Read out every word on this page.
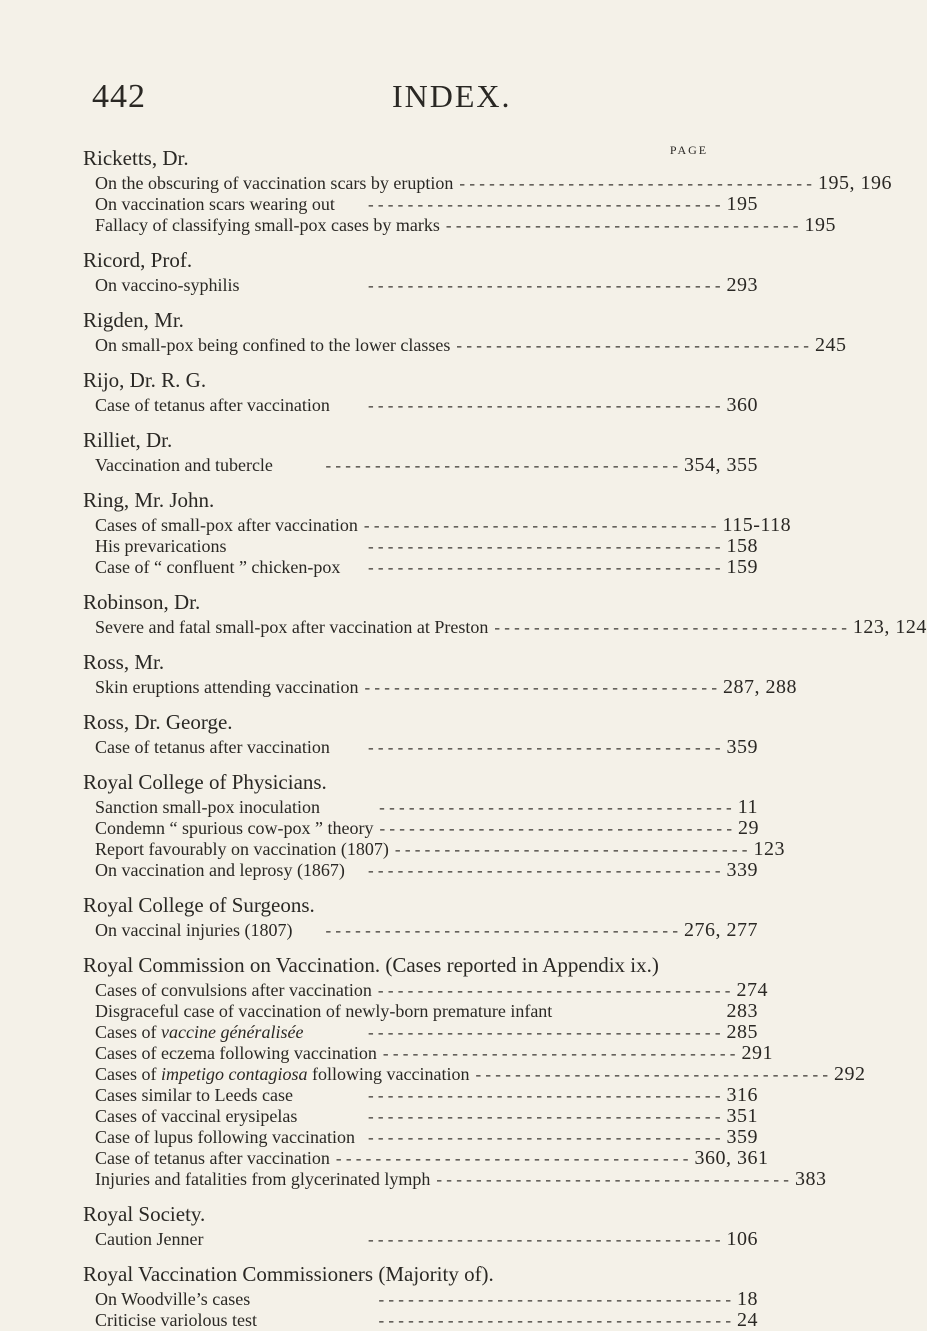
442	INDEX.
PAGE
Ricketts, Dr.
On the obscuring of vaccination scars by eruption - - - - - - - - - - - - - - - - - - - - - - - - - - - - - - - - - - - - 195, 196
On vaccination scars wearing out	- - - - - - - - - - - - - - - - - - - - - - - - - - - - - - - - - - - - 195
Fallacy of classifying small-pox cases by marks - - - - - - - - - - - - - - - - - - - - - - - - - - - - - - - - - - - - 195
Ricord, Prof.
On vaccino-syphilis	- - - - - - - - - - - - - - - - - - - - - - - - - - - - - - - - - - - - 293
Rigden, Mr.
On small-pox being confined to the lower classes - - - - - - - - - - - - - - - - - - - - - - - - - - - - - - - - - - - - 245
Rijo, Dr. R. G.
Case of tetanus after vaccination	- - - - - - - - - - - - - - - - - - - - - - - - - - - - - - - - - - - - 360
Rilliet, Dr.
Vaccination and tubercle	- - - - - - - - - - - - - - - - - - - - - - - - - - - - - - - - - - - - 354, 355
Ring, Mr. John.
Cases of small-pox after vaccination - - - - - - - - - - - - - - - - - - - - - - - - - - - - - - - - - - - - 115-118
His prevarications	- - - - - - - - - - - - - - - - - - - - - - - - - - - - - - - - - - - - 158
Case of “ confluent ” chicken-pox	- - - - - - - - - - - - - - - - - - - - - - - - - - - - - - - - - - - - 159
Robinson, Dr.
Severe and fatal small-pox after vaccination at Preston - - - - - - - - - - - - - - - - - - - - - - - - - - - - - - - - - - - - 123, 124
Ross, Mr.
Skin eruptions attending vaccination - - - - - - - - - - - - - - - - - - - - - - - - - - - - - - - - - - - - 287, 288
Ross, Dr. George.
Case of tetanus after vaccination	- - - - - - - - - - - - - - - - - - - - - - - - - - - - - - - - - - - - 359
Royal College of Physicians.
Sanction small-pox inoculation	- - - - - - - - - - - - - - - - - - - - - - - - - - - - - - - - - - - - 11
Condemn “ spurious cow-pox ” theory - - - - - - - - - - - - - - - - - - - - - - - - - - - - - - - - - - - - 29
Report favourably on vaccination (1807) - - - - - - - - - - - - - - - - - - - - - - - - - - - - - - - - - - - - 123
On vaccination and leprosy (1867)	- - - - - - - - - - - - - - - - - - - - - - - - - - - - - - - - - - - - 339
Royal College of Surgeons.
On vaccinal injuries (1807)	- - - - - - - - - - - - - - - - - - - - - - - - - - - - - - - - - - - - 276, 277
Royal Commission on Vaccination. (Cases reported in Appendix ix.)
Cases of convulsions after vaccination - - - - - - - - - - - - - - - - - - - - - - - - - - - - - - - - - - - - 274
Disgraceful case of vaccination of newly-born premature infant	283
Cases of vaccine généralisée	- - - - - - - - - - - - - - - - - - - - - - - - - - - - - - - - - - - - 285
Cases of eczema following vaccination - - - - - - - - - - - - - - - - - - - - - - - - - - - - - - - - - - - - 291
Cases of impetigo contagiosa following vaccination - - - - - - - - - - - - - - - - - - - - - - - - - - - - - - - - - - - - 292
Cases similar to Leeds case	- - - - - - - - - - - - - - - - - - - - - - - - - - - - - - - - - - - - 316
Cases of vaccinal erysipelas	- - - - - - - - - - - - - - - - - - - - - - - - - - - - - - - - - - - - 351
Case of lupus following vaccination - - - - - - - - - - - - - - - - - - - - - - - - - - - - - - - - - - - - 359
Case of tetanus after vaccination - - - - - - - - - - - - - - - - - - - - - - - - - - - - - - - - - - - - 360, 361
Injuries and fatalities from glycerinated lymph - - - - - - - - - - - - - - - - - - - - - - - - - - - - - - - - - - - - 383
Royal Society.
Caution Jenner	- - - - - - - - - - - - - - - - - - - - - - - - - - - - - - - - - - - - 106
Royal Vaccination Commissioners (Majority of).
On Woodville’s cases	- - - - - - - - - - - - - - - - - - - - - - - - - - - - - - - - - - - - 18
Criticise variolous test	- - - - - - - - - - - - - - - - - - - - - - - - - - - - - - - - - - - - 24
